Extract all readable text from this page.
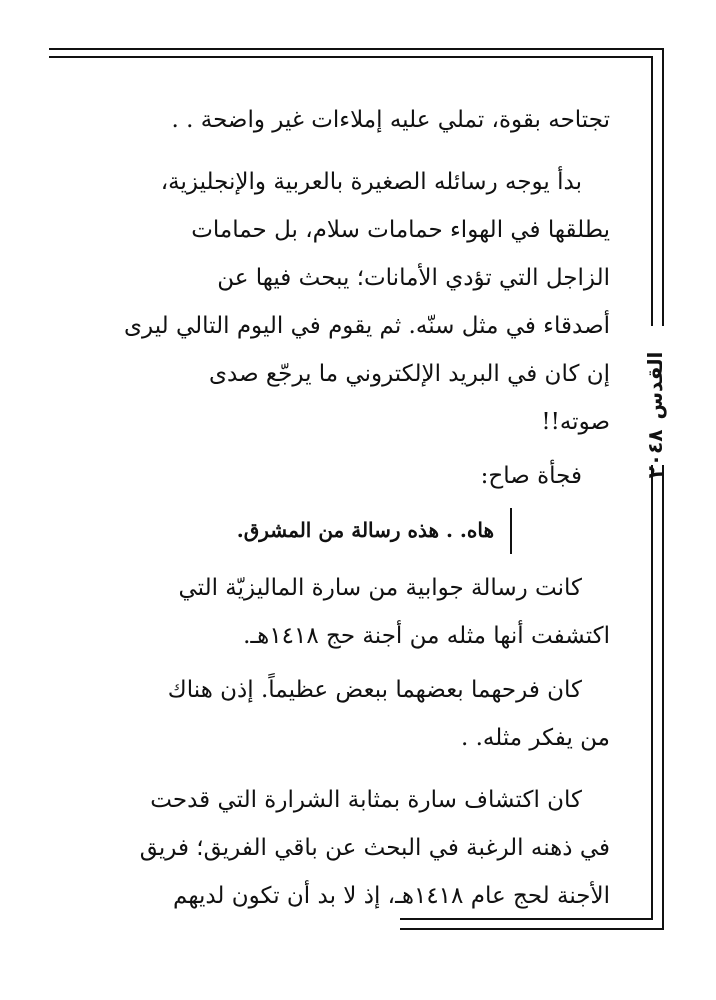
القدس
٢٠٤٨

تجتاحه بقوة، تملي عليه إملاءات غير واضحة . .

بدأ يوجه رسائله الصغيرة بالعربية والإنجليزية،

يطلقها في الهواء حمامات سلام، بل حمامات

الزاجل التي تؤدي الأمانات؛ يبحث فيها عن

أصدقاء في مثل سنّه. ثم يقوم في اليوم التالي ليرى

إن كان في البريد الإلكتروني ما يرجّع صدى

صوته!!

فجأة صاح:

هاه. . هذه رسالة من المشرق.

كانت رسالة جوابية من سارة الماليزيّة التي

اكتشفت أنها مثله من أجنة حج ١٤١٨هـ.

كان فرحهما بعضهما ببعض عظيماً. إذن هناك

من يفكر مثله. .

كان اكتشاف سارة بمثابة الشرارة التي قدحت

في ذهنه الرغبة في البحث عن باقي الفريق؛ فريق

الأجنة لحج عام ١٤١٨هـ، إذ لا بد أن تكون لديهم
